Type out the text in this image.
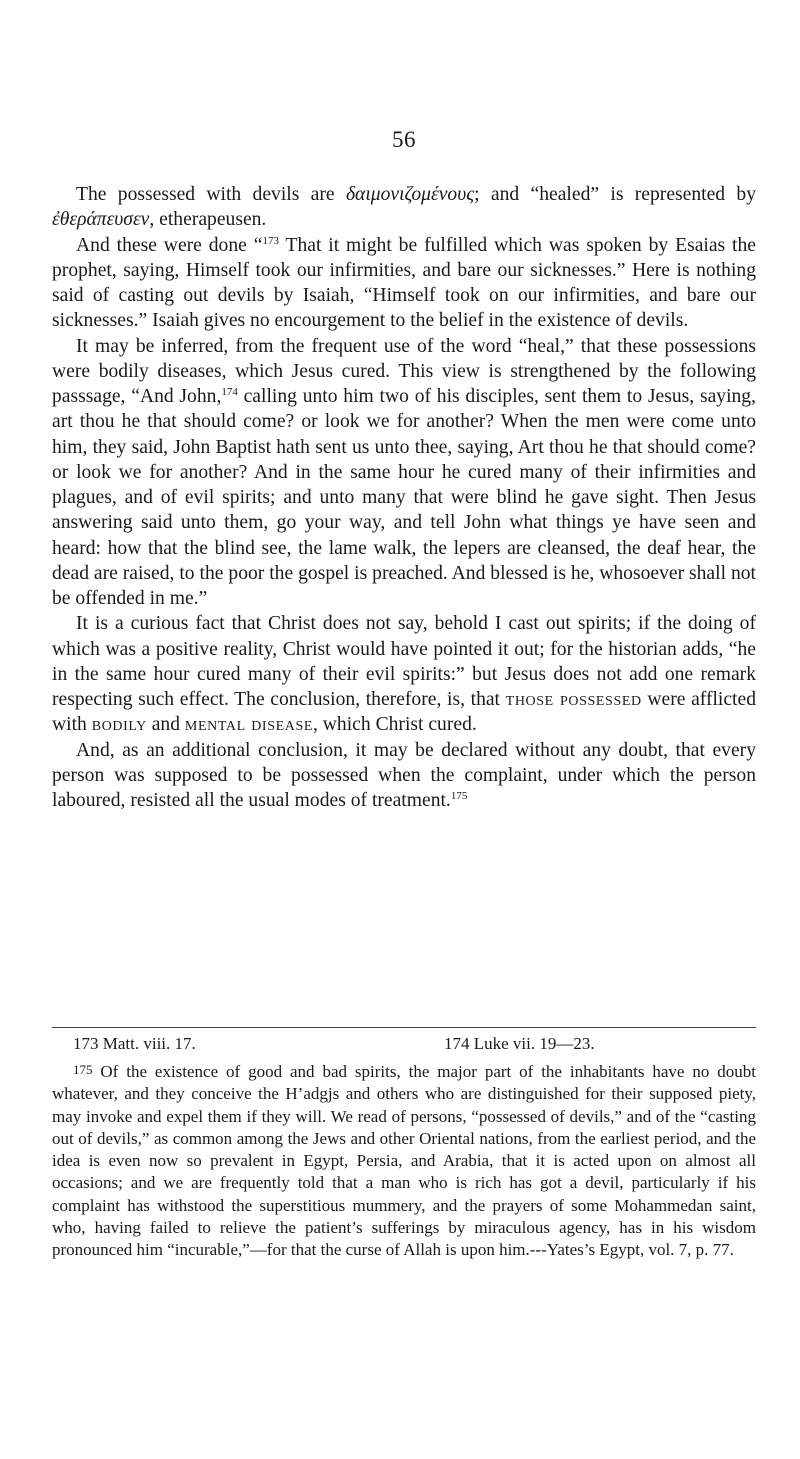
56

The possessed with devils are δαιμονιζομένους; and “healed” is represented by ἐθεράπευσεν, etherapeusen.

And these were done “$^{173}$ That it might be fulfilled which was spoken by Esaias the prophet, saying, Himself took our infirmities, and bare our sicknesses.” Here is nothing said of casting out devils by Isaiah, “Himself took on our infirmities, and bare our sicknesses.” Isaiah gives no encourgement to the belief in the existence of devils.

It may be inferred, from the frequent use of the word “heal,” that these possessions were bodily diseases, which Jesus cured. This view is strengthened by the following passsage, “And John,$^{174}$ calling unto him two of his disciples, sent them to Jesus, saying, art thou he that should come? or look we for another? When the men were come unto him, they said, John Baptist hath sent us unto thee, saying, Art thou he that should come? or look we for another? And in the same hour he cured many of their infirmities and plagues, and of evil spirits; and unto many that were blind he gave sight. Then Jesus answering said unto them, go your way, and tell John what things ye have seen and heard: how that the blind see, the lame walk, the lepers are cleansed, the deaf hear, the dead are raised, to the poor the gospel is preached. And blessed is he, whosoever shall not be offended in me.”

It is a curious fact that Christ does not say, behold I cast out spirits; if the doing of which was a positive reality, Christ would have pointed it out; for the historian adds, “he in the same hour cured many of their evil spirits:” but Jesus does not add one remark respecting such effect. The conclusion, therefore, is, that those possessed were afflicted with bodily and mental disease, which Christ cured.

And, as an additional conclusion, it may be declared without any doubt, that every person was supposed to be possessed when the complaint, under which the person laboured, resisted all the usual modes of treatment.$^{175}$

173 Matt. viii. 17.	174 Luke vii. 19—23.

175 Of the existence of good and bad spirits, the major part of the inhabitants have no doubt whatever, and they conceive the H’adgjs and others who are distinguished for their supposed piety, may invoke and expel them if they will. We read of persons, “possessed of devils,” and of the “casting out of devils,” as common among the Jews and other Oriental nations, from the earliest period, and the idea is even now so prevalent in Egypt, Persia, and Arabia, that it is acted upon on almost all occasions; and we are frequently told that a man who is rich has got a devil, particularly if his complaint has withstood the superstitious mummery, and the prayers of some Mohammedan saint, who, having failed to relieve the patient’s sufferings by miraculous agency, has in his wisdom pronounced him “incurable,”—for that the curse of Allah is upon him.---Yates’s Egypt, vol. 7, p. 77.
